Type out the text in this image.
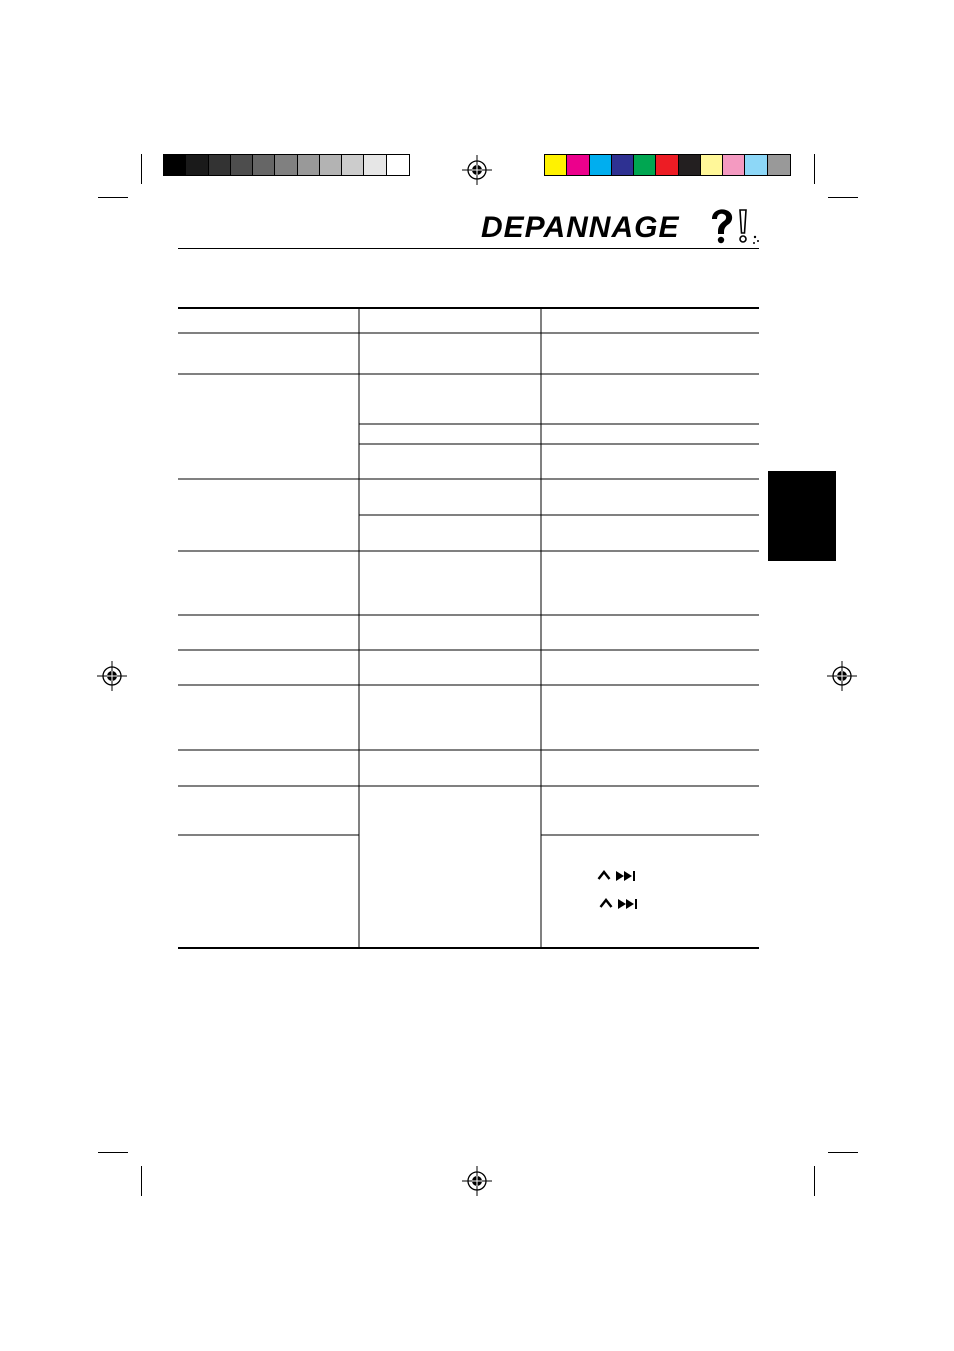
DEPANNAGE
